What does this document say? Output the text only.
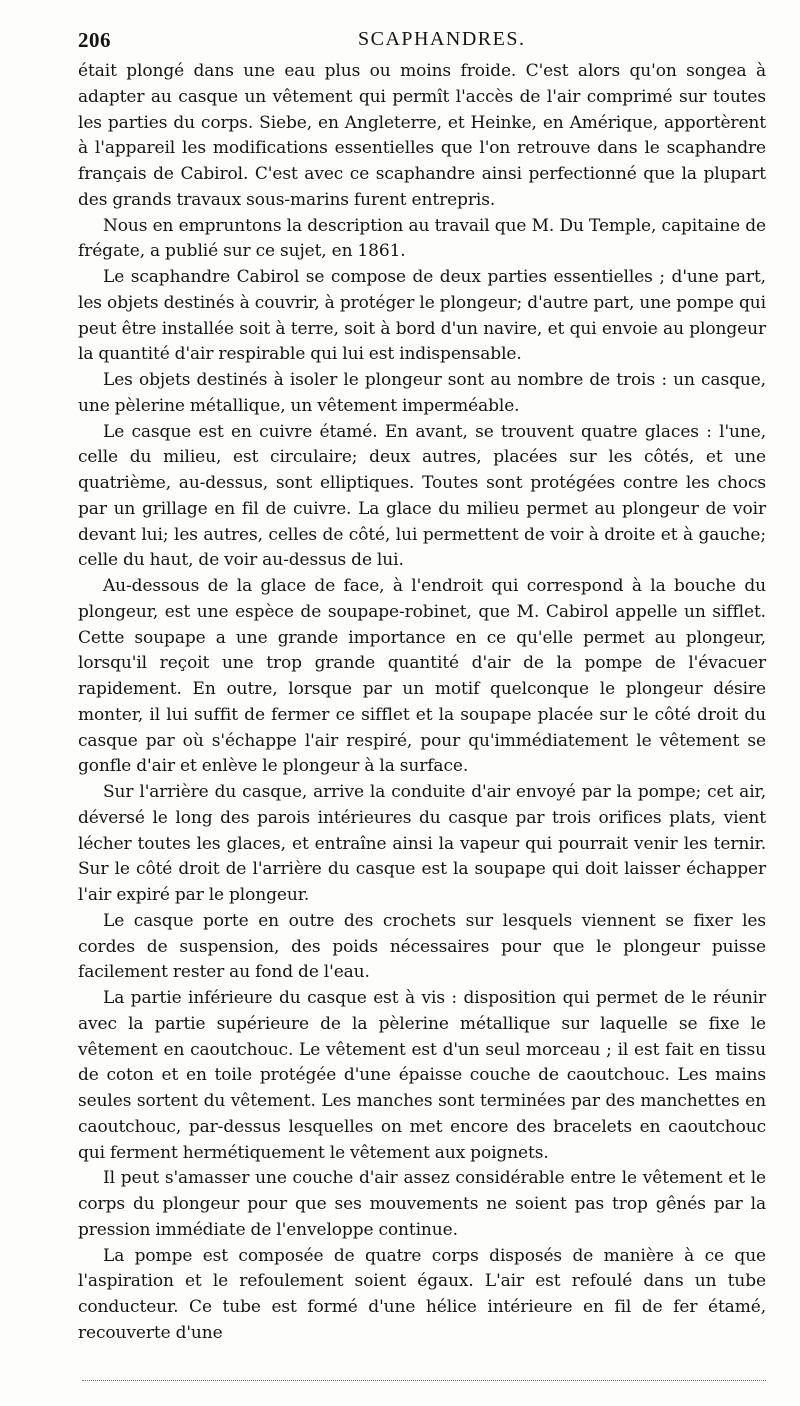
206	SCAPHANDRES.

était plongé dans une eau plus ou moins froide. C'est alors qu'on songea à adapter au casque un vêtement qui permît l'accès de l'air comprimé sur toutes les parties du corps. Siebe, en Angleterre, et Heinke, en Amérique, apportèrent à l'appareil les modifications essentielles que l'on retrouve dans le scaphandre français de Cabirol. C'est avec ce scaphandre ainsi perfectionné que la plupart des grands travaux sous-marins furent entrepris.

Nous en empruntons la description au travail que M. Du Temple, capitaine de frégate, a publié sur ce sujet, en 1861.

Le scaphandre Cabirol se compose de deux parties essentielles ; d'une part, les objets destinés à couvrir, à protéger le plongeur; d'autre part, une pompe qui peut être installée soit à terre, soit à bord d'un navire, et qui envoie au plongeur la quantité d'air respirable qui lui est indispensable.

Les objets destinés à isoler le plongeur sont au nombre de trois : un casque, une pèlerine métallique, un vêtement imperméable.

Le casque est en cuivre étamé. En avant, se trouvent quatre glaces : l'une, celle du milieu, est circulaire; deux autres, placées sur les côtés, et une quatrième, au-dessus, sont elliptiques. Toutes sont protégées contre les chocs par un grillage en fil de cuivre. La glace du milieu permet au plongeur de voir devant lui; les autres, celles de côté, lui permettent de voir à droite et à gauche; celle du haut, de voir au-dessus de lui.

Au-dessous de la glace de face, à l'endroit qui correspond à la bouche du plongeur, est une espèce de soupape-robinet, que M. Cabirol appelle un sifflet. Cette soupape a une grande importance en ce qu'elle permet au plongeur, lorsqu'il reçoit une trop grande quantité d'air de la pompe de l'évacuer rapidement. En outre, lorsque par un motif quelconque le plongeur désire monter, il lui suffit de fermer ce sifflet et la soupape placée sur le côté droit du casque par où s'échappe l'air respiré, pour qu'immédiatement le vêtement se gonfle d'air et enlève le plongeur à la surface.

Sur l'arrière du casque, arrive la conduite d'air envoyé par la pompe; cet air, déversé le long des parois intérieures du casque par trois orifices plats, vient lécher toutes les glaces, et entraîne ainsi la vapeur qui pourrait venir les ternir. Sur le côté droit de l'arrière du casque est la soupape qui doit laisser échapper l'air expiré par le plongeur.

Le casque porte en outre des crochets sur lesquels viennent se fixer les cordes de suspension, des poids nécessaires pour que le plongeur puisse facilement rester au fond de l'eau.

La partie inférieure du casque est à vis : disposition qui permet de le réunir avec la partie supérieure de la pèlerine métallique sur laquelle se fixe le vêtement en caoutchouc. Le vêtement est d'un seul morceau ; il est fait en tissu de coton et en toile protégée d'une épaisse couche de caoutchouc. Les mains seules sortent du vêtement. Les manches sont terminées par des manchettes en caoutchouc, par-dessus lesquelles on met encore des bracelets en caoutchouc qui ferment hermétiquement le vêtement aux poignets.

Il peut s'amasser une couche d'air assez considérable entre le vêtement et le corps du plongeur pour que ses mouvements ne soient pas trop gênés par la pression immédiate de l'enveloppe continue.

La pompe est composée de quatre corps disposés de manière à ce que l'aspiration et le refoulement soient égaux. L'air est refoulé dans un tube conducteur. Ce tube est formé d'une hélice intérieure en fil de fer étamé, recouverte d'une
